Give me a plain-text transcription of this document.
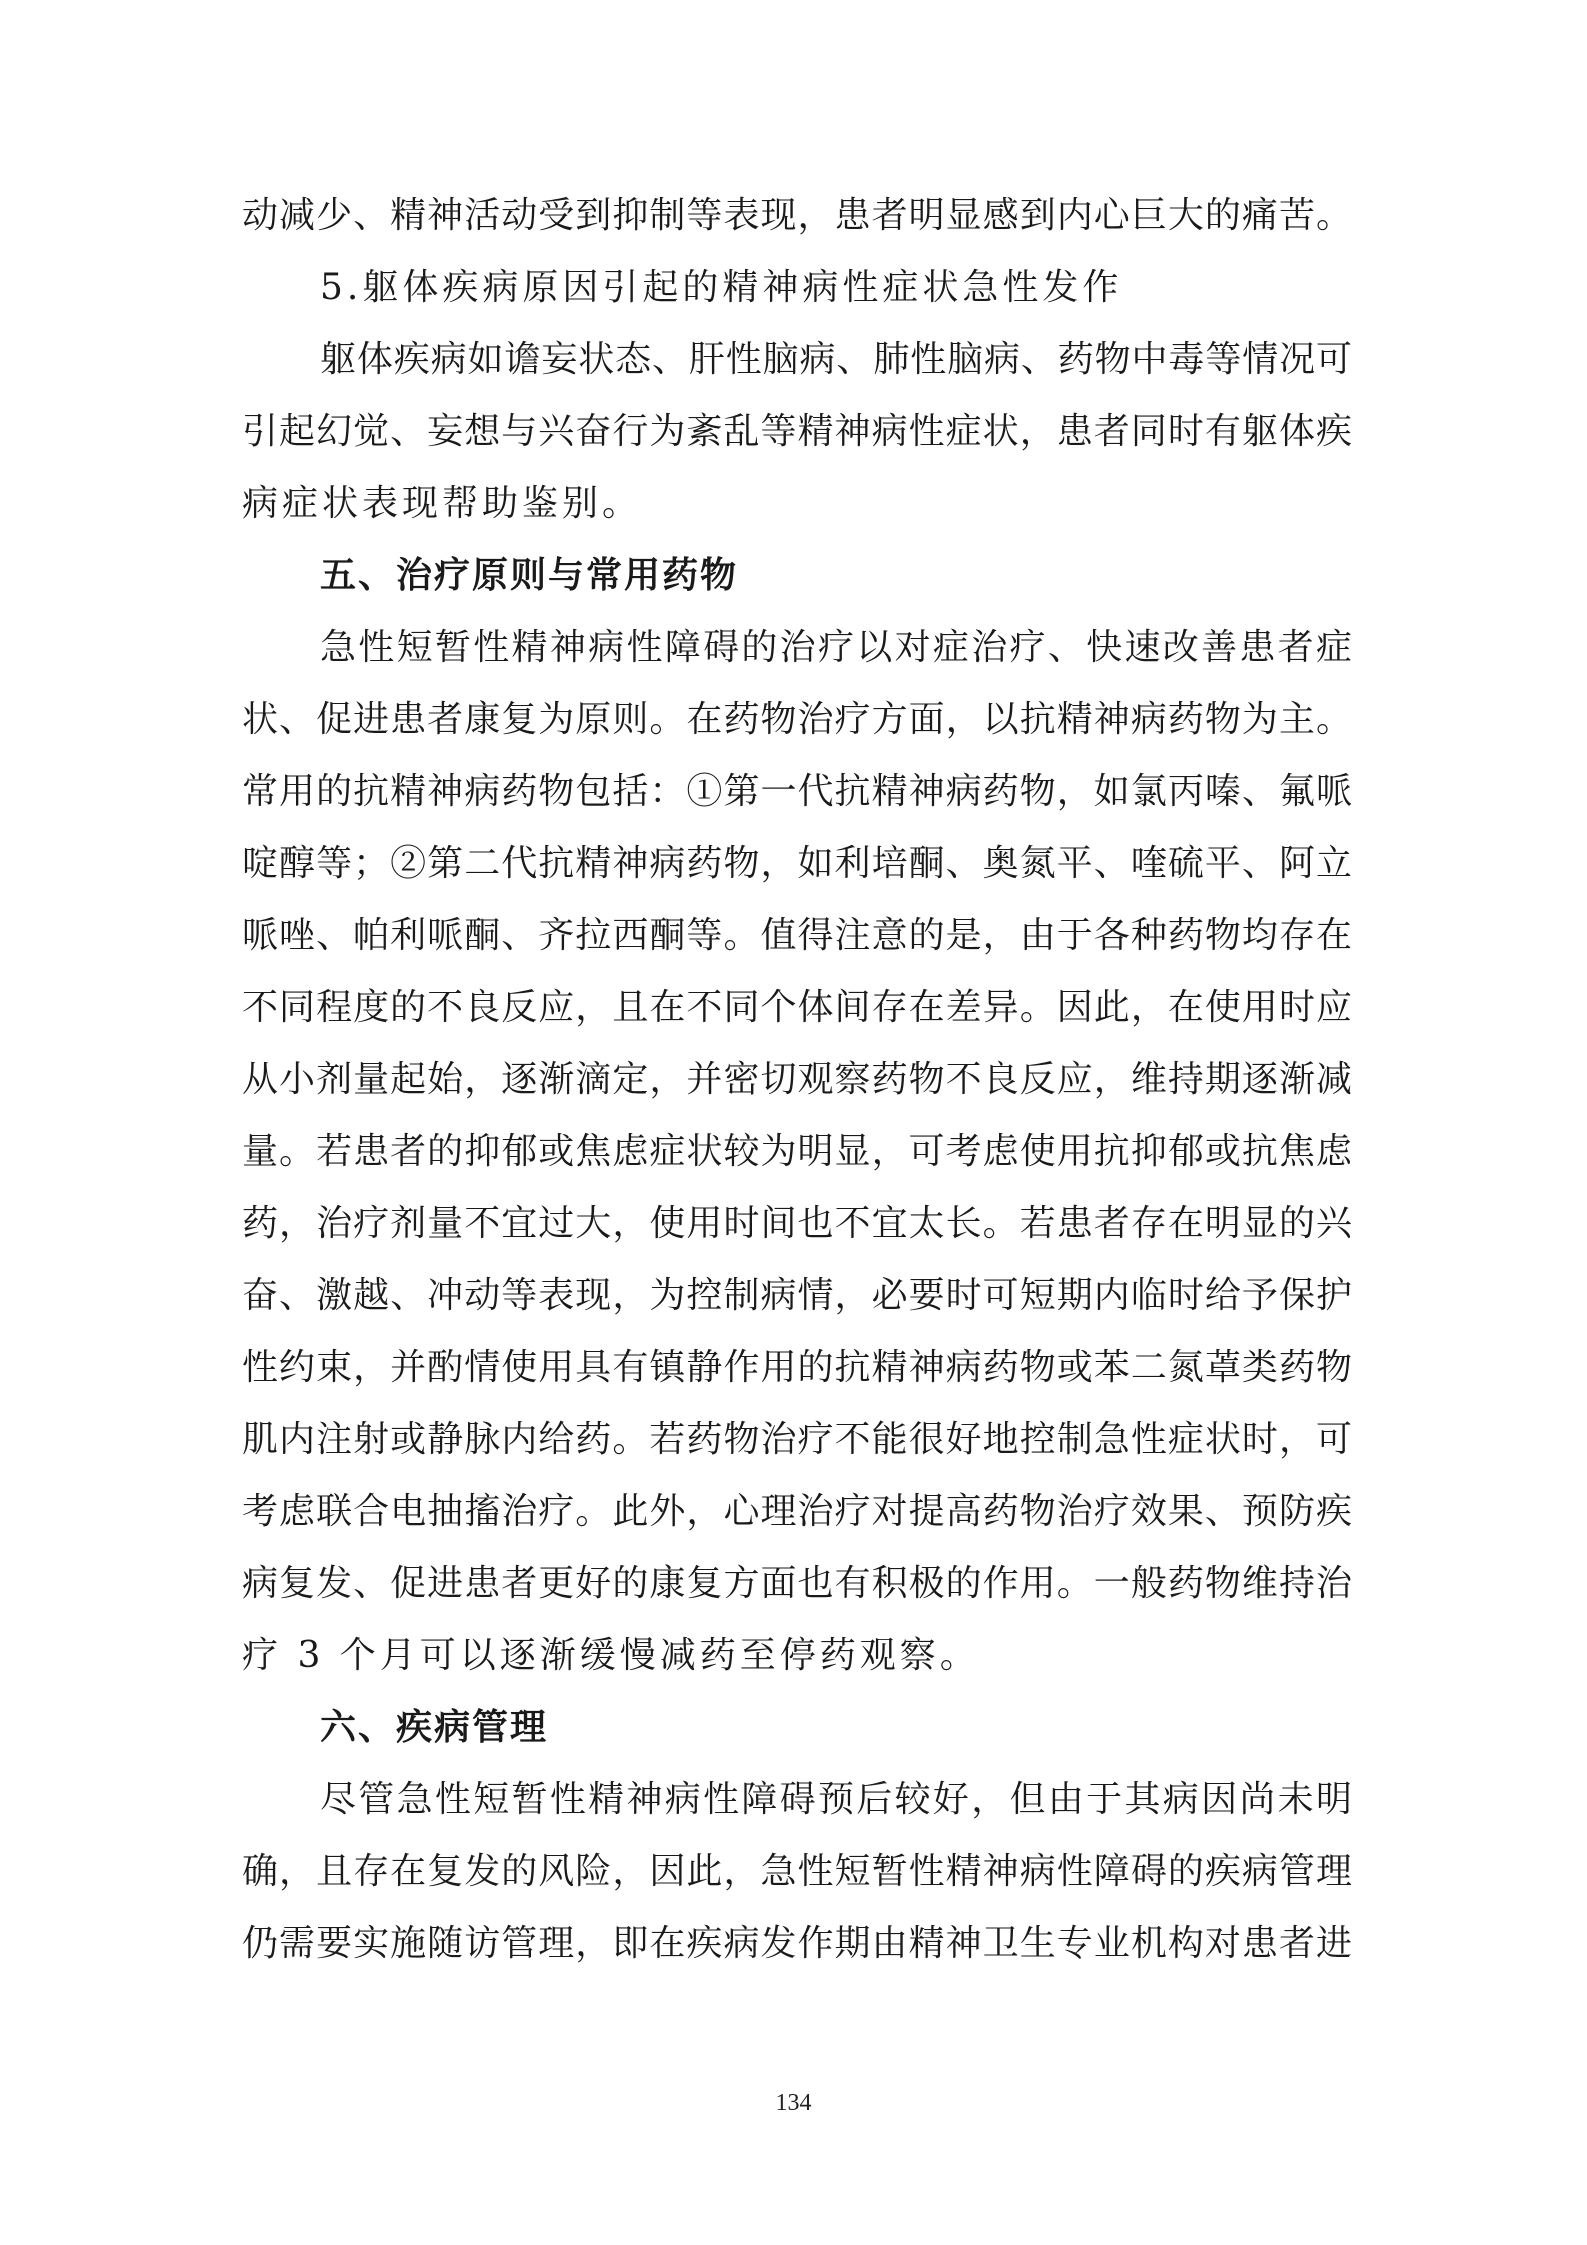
动减少、精神活动受到抑制等表现，患者明显感到内心巨大的痛苦。
5.躯体疾病原因引起的精神病性症状急性发作
躯体疾病如谵妄状态、肝性脑病、肺性脑病、药物中毒等情况可
引起幻觉、妄想与兴奋行为紊乱等精神病性症状，患者同时有躯体疾
病症状表现帮助鉴别。
五、治疗原则与常用药物
急性短暂性精神病性障碍的治疗以对症治疗、快速改善患者症
状、促进患者康复为原则。在药物治疗方面，以抗精神病药物为主。
常用的抗精神病药物包括：①第一代抗精神病药物，如氯丙嗪、氟哌
啶醇等；②第二代抗精神病药物，如利培酮、奥氮平、喹硫平、阿立
哌唑、帕利哌酮、齐拉西酮等。值得注意的是，由于各种药物均存在
不同程度的不良反应，且在不同个体间存在差异。因此，在使用时应
从小剂量起始，逐渐滴定，并密切观察药物不良反应，维持期逐渐减
量。若患者的抑郁或焦虑症状较为明显，可考虑使用抗抑郁或抗焦虑
药，治疗剂量不宜过大，使用时间也不宜太长。若患者存在明显的兴
奋、激越、冲动等表现，为控制病情，必要时可短期内临时给予保护
性约束，并酌情使用具有镇静作用的抗精神病药物或苯二氮䓬类药物
肌内注射或静脉内给药。若药物治疗不能很好地控制急性症状时，可
考虑联合电抽搐治疗。此外，心理治疗对提高药物治疗效果、预防疾
病复发、促进患者更好的康复方面也有积极的作用。一般药物维持治
疗 3 个月可以逐渐缓慢减药至停药观察。
六、疾病管理
尽管急性短暂性精神病性障碍预后较好，但由于其病因尚未明
确，且存在复发的风险，因此，急性短暂性精神病性障碍的疾病管理
仍需要实施随访管理，即在疾病发作期由精神卫生专业机构对患者进
134
